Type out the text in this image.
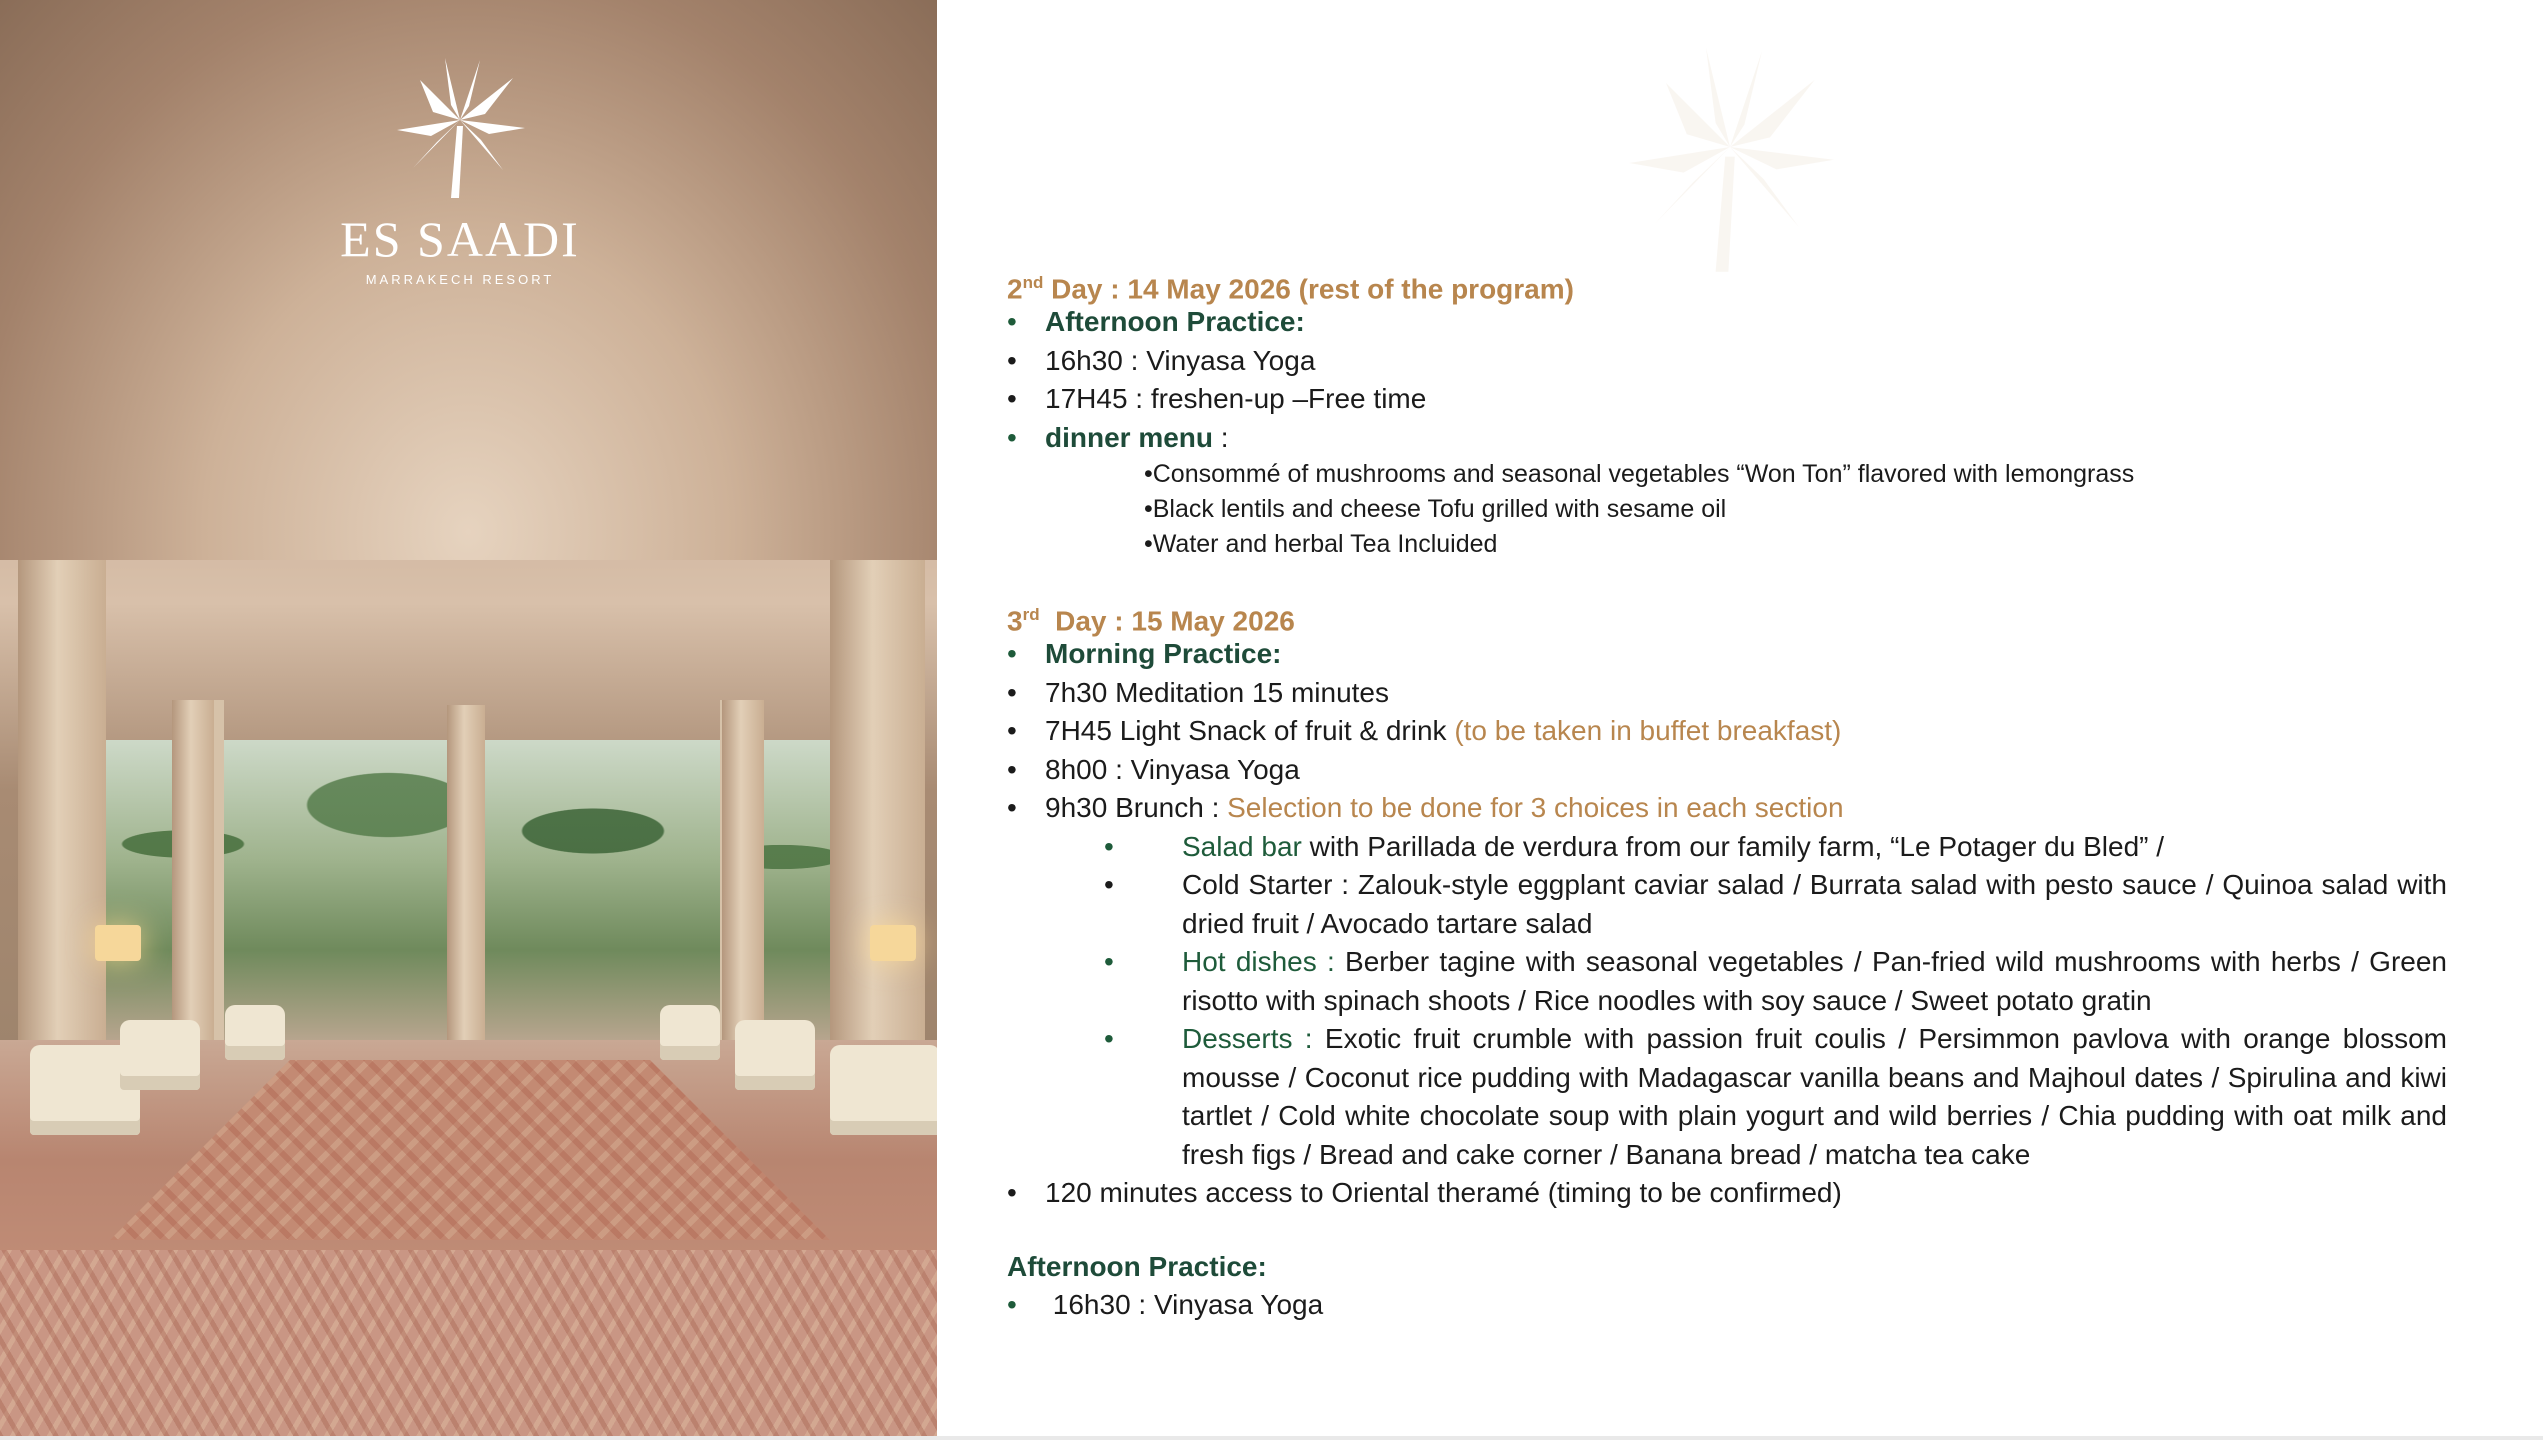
ES SAADI
MARRAKECH RESORT	2nd Day : 14 May 2026 (rest of the program)
• Afternoon Practice:
• 16h30 : Vinyasa Yoga
• 17H45 : freshen-up –Free time
• dinner menu :
•Consommé of mushrooms and seasonal vegetables “Won Ton” flavored with lemongrass
•Black lentils and cheese Tofu grilled with sesame oil
•Water and herbal Tea Incluided
3rd  Day : 15 May 2026
• Morning Practice:
• 7h30 Meditation 15 minutes
• 7H45 Light Snack of fruit & drink (to be taken in buffet breakfast)
• 8h00 : Vinyasa Yoga
• 9h30 Brunch : Selection to be done for 3 choices in each section
• Salad bar with Parillada de verdura from our family farm, “Le Potager du Bled” /
• Cold Starter : Zalouk-style eggplant caviar salad / Burrata salad with pesto sauce / Quinoa salad with dried fruit / Avocado tartare salad
• Hot dishes : Berber tagine with seasonal vegetables / Pan-fried wild mushrooms with herbs / Green risotto with spinach shoots / Rice noodles with soy sauce / Sweet potato gratin
• Desserts : Exotic fruit crumble with passion fruit coulis / Persimmon pavlova with orange blossom mousse / Coconut rice pudding with Madagascar vanilla beans and Majhoul dates / Spirulina and kiwi tartlet / Cold white chocolate soup with plain yogurt and wild berries / Chia pudding with oat milk and fresh figs / Bread and cake corner / Banana bread / matcha tea cake
• 120 minutes access to Oriental theramé (timing to be confirmed)
Afternoon Practice:
•  16h30 : Vinyasa Yoga
